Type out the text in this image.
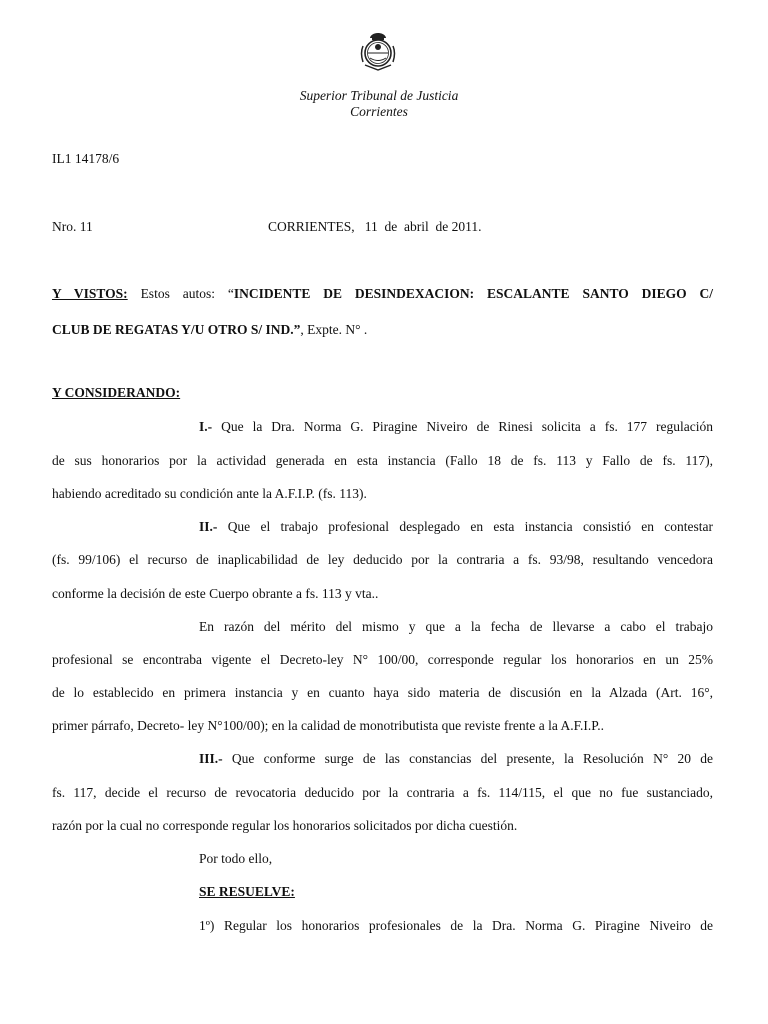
Superior Tribunal de Justicia
Corrientes
IL1 14178/6
Nro. 11	CORRIENTES,   11  de  abril  de 2011.
Y VISTOS: Estos autos: “INCIDENTE DE DESINDEXACION: ESCALANTE SANTO DIEGO C/
CLUB DE REGATAS Y/U OTRO S/ IND.”, Expte. N° .
Y CONSIDERANDO:
I.- Que la Dra. Norma G. Piragine Niveiro de Rinesi solicita a fs. 177 regulación
de sus honorarios por la actividad generada en esta instancia (Fallo 18 de fs. 113 y Fallo de fs. 117),
habiendo acreditado su condición ante la A.F.I.P. (fs. 113).
II.- Que el trabajo profesional desplegado en esta instancia consistió en contestar
(fs. 99/106) el recurso de inaplicabilidad de ley deducido por la contraria a fs. 93/98, resultando vencedora
conforme la decisión de este Cuerpo obrante a fs. 113 y vta..
En razón del mérito del mismo y que a la fecha de llevarse a cabo el trabajo
profesional se encontraba vigente el Decreto-ley N° 100/00, corresponde regular los honorarios en un 25%
de lo establecido en primera instancia y en cuanto haya sido materia de discusión en la Alzada (Art. 16°,
primer párrafo, Decreto- ley N°100/00); en la calidad de monotributista que reviste frente a la A.F.I.P..
III.- Que conforme surge de las constancias del presente, la Resolución N° 20 de
fs. 117, decide el recurso de revocatoria deducido por la contraria a fs. 114/115, el que no fue sustanciado,
razón por la cual no corresponde regular los honorarios solicitados por dicha cuestión.
Por todo ello,
SE RESUELVE:
1º) Regular los honorarios profesionales de la Dra. Norma G. Piragine Niveiro de
